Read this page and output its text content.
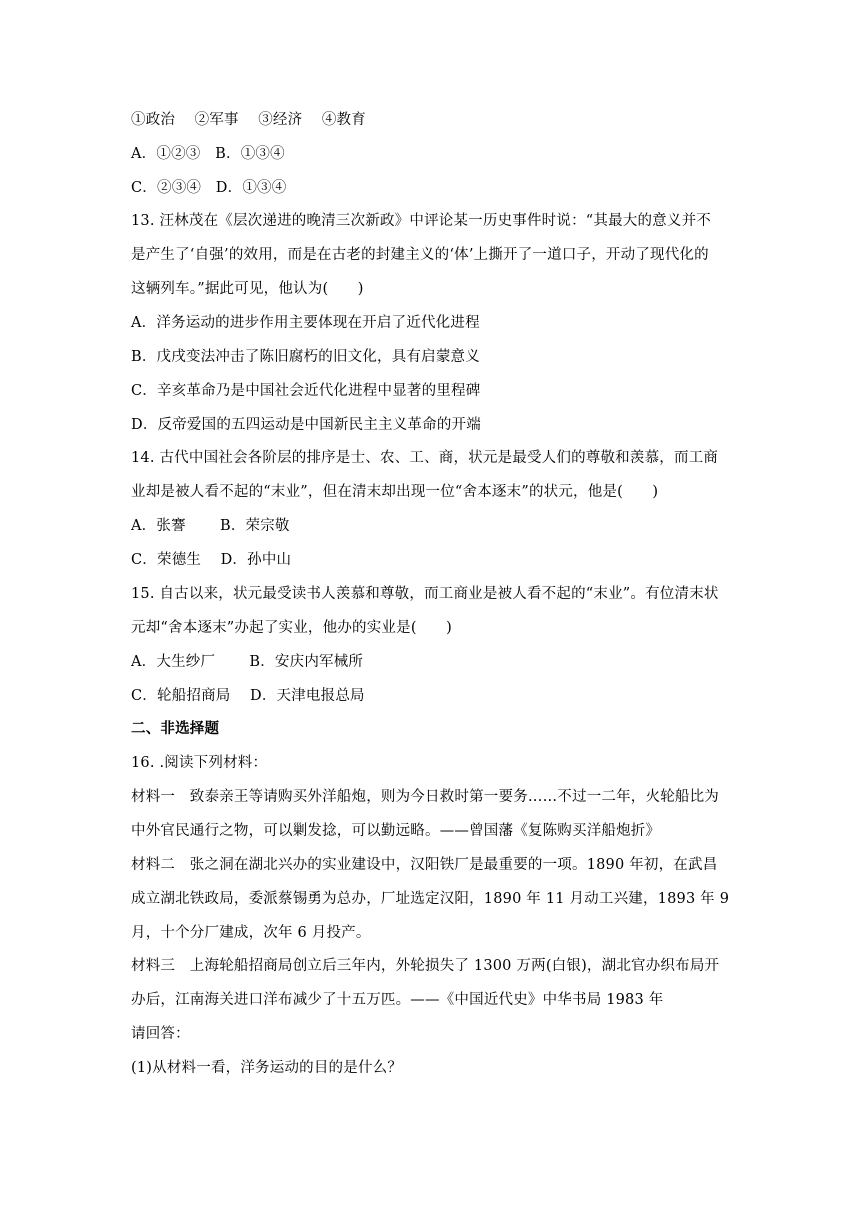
①政治　 ②军事　 ③经济　 ④教育
A．①②③　B．①③④
C．②③④　D．①③④
13. 汪林茂在《层次递进的晚清三次新政》中评论某一历史事件时说：“其最大的意义并不
是产生了‘自强’的效用，而是在古老的封建主义的‘体’上撕开了一道口子，开动了现代化的
这辆列车。”据此可见，他认为(　　)
A．洋务运动的进步作用主要体现在开启了近代化进程
B．戊戌变法冲击了陈旧腐朽的旧文化，具有启蒙意义
C．辛亥革命乃是中国社会近代化进程中显著的里程碑
D．反帝爱国的五四运动是中国新民主主义革命的开端
14. 古代中国社会各阶层的排序是士、农、工、商，状元是最受人们的尊敬和羡慕，而工商
业却是被人看不起的“末业”，但在清末却出现一位“舍本逐末”的状元，他是(　　)
A．张謇　　 B．荣宗敬
C．荣德生　 D．孙中山
15. 自古以来，状元最受读书人羡慕和尊敬，而工商业是被人看不起的“末业”。有位清末状
元却“舍本逐末”办起了实业，他办的实业是(　　)
A．大生纱厂　　 B．安庆内军械所
C．轮船招商局　 D．天津电报总局
二、非选择题
16. .阅读下列材料：
材料一　致泰亲王等请购买外洋船炮，则为今日救时第一要务……不过一二年，火轮船比为
中外官民通行之物，可以剿发捻，可以勤远略。——曾国藩《复陈购买洋船炮折》
材料二　张之洞在湖北兴办的实业建设中，汉阳铁厂是最重要的一项。1890 年初，在武昌
成立湖北铁政局，委派蔡锡勇为总办，厂址选定汉阳，1890 年 11 月动工兴建，1893 年 9
月，十个分厂建成，次年 6 月投产。
材料三　上海轮船招商局创立后三年内，外轮损失了 1300 万两(白银)，湖北官办织布局开
办后，江南海关进口洋布减少了十五万匹。——《中国近代史》中华书局 1983 年
请回答：
(1)从材料一看，洋务运动的目的是什么？
